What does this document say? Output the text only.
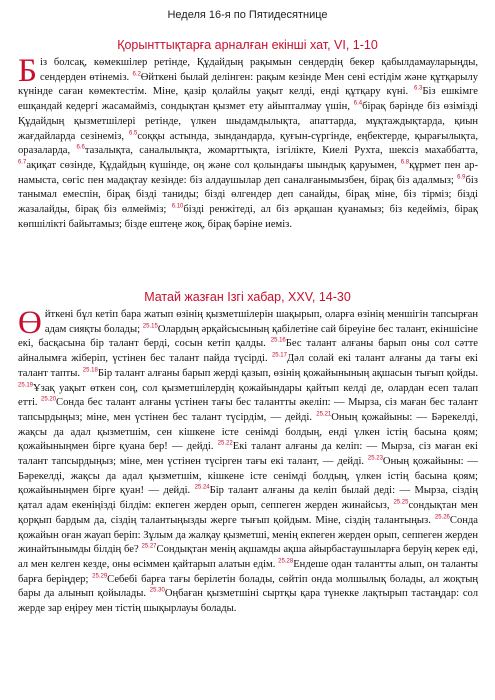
Неделя 16-я по Пятидесятнице
Қорынттықтарға арналған екінші хат, VI, 1-10
Б із болсақ, көмекшілер ретінде, Құдайдың рақымын сендердің бекер қабылдамауларыңды, сендерден өтінеміз. $^{6.2}$Өйткені былай делінген: рақым кезінде Мен сені естідім және құтқарылу күнінде саған көмектестім. Міне, қазір қолайлы уақыт келді, енді құтқару күні. $^{6.3}$Біз ешкімге ешқандай кедергі жасамайміз, сондықтан қызмет ету айыпталмау үшін, $^{6.4}$бірақ бәрінде біз өзімізді Құдайдың қызметшілері ретінде, үлкен шыдамдылықта, апаттарда, мұқтаждықтарда, қиын жағдайларда сезінеміз, $^{6.5}$соққы астында, зындандарда, қуғын-сүргінде, еңбектерде, қырағылықта, оразаларда, $^{6.6}$тазалықта, саналылықта, жомарттықта, ізгілікте, Киелі Рухта, шексіз махаббатта, $^{6.7}$ақиқат сөзінде, Құдайдың күшінде, оң және сол қолындағы шындық қаруымен, $^{6.8}$құрмет пен ар-намыста, сөгіс пен мадақтау кезінде: біз алдаушылар деп саналғанымызбен, бірақ біз адалмыз; $^{6.9}$біз танымал емеспін, бірақ бізді таниды; бізді өлгендер деп санайды, бірақ міне, біз тірміз; бізді жазалайды, бірақ біз өлмейміз; $^{6.10}$бізді ренжітеді, ал біз әрқашан қуанамыз; біз кедейміз, бірақ көпшілікті байытамыз; бізде ештеңе жоқ, бірақ бәріне иеміз.
Матай жазған Ізгі хабар, XXV, 14-30
Ө йткені бұл кетіп бара жатып өзінің қызметшілерін шақырып, оларға өзінің меншігін тапсырған адам сияқты болады; $^{25.15}$Олардың әрқайсысының қабілетіне сай біреуіне бес талант, екіншісіне екі, басқасына бір талант берді, сосын кетіп қалды. $^{25.16}$Бес талант алғаны барып оны сол сәтте айналымға жіберіп, үстінен бес талант пайда түсірді. $^{25.17}$Дәл солай екі талант алғаны да тағы екі талант тапты. $^{25.18}$Бір талант алғаны барып жерді қазып, өзінің қожайынының ақшасын тығып қойды. $^{25.19}$Ұзақ уақыт өткен соң, сол қызметшілердің қожайындары қайтып келді де, олардан есеп талап етті. $^{25.20}$Сонда бес талант алғаны үстінен тағы бес талантты әкеліп: — Мырза, сіз маған бес талант тапсырдыңыз; міне, мен үстінен бес талант түсірдім, — дейді. $^{25.21}$Оның қожайыны: — Бәрекелді, жақсы да адал қызметшім, сен кішкене істе сенімді болдың, енді үлкен істің басына қоям; қожайыныңмен бірге қуана бер! — дейді. $^{25.22}$Екі талант алғаны да келіп: — Мырза, сіз маған екі талант тапсырдыңыз; міне, мен үстінен түсірген тағы екі талант, — дейді. $^{25.23}$Оның қожайыны: — Бәрекелді, жақсы да адал қызметшім, кішкене істе сенімді болдың, үлкен істің басына қоям; қожайыныңмен бірге қуан! — дейді. $^{25.24}$Бір талант алғаны да келіп былай деді: — Мырза, сіздің қатал адам екеніңізді білдім: екпеген жерден орып, сеппеген жерден жинайсыз, $^{25.25}$сондықтан мен қорқып бардым да, сіздің талантыңызды жерге тығып қойдым. Міне, сіздің талантыңыз. $^{25.26}$Сонда қожайын оған жауап беріп: Зұлым да жалқау қызметші, менің екпеген жерден орып, сеппеген жерден жинайтынымды білдің бе? $^{25.27}$Сондықтан менің ақшамды ақша айырбастаушыларға беруің керек еді, ал мен келген кезде, оны өсіммен қайтарып алатын едім. $^{25.28}$Ендеше одан талантты алып, он таланты барға беріңдер; $^{25.29}$Себебі барға тағы берілетін болады, сөйтіп онда молшылық болады, ал жоқтың бары да алынып қойылады. $^{25.30}$Оңбаған қызметшіні сыртқы қара түнекке лақтырып тастаңдар: сол жерде зар еңіреу мен тістің шықырлауы болады.
